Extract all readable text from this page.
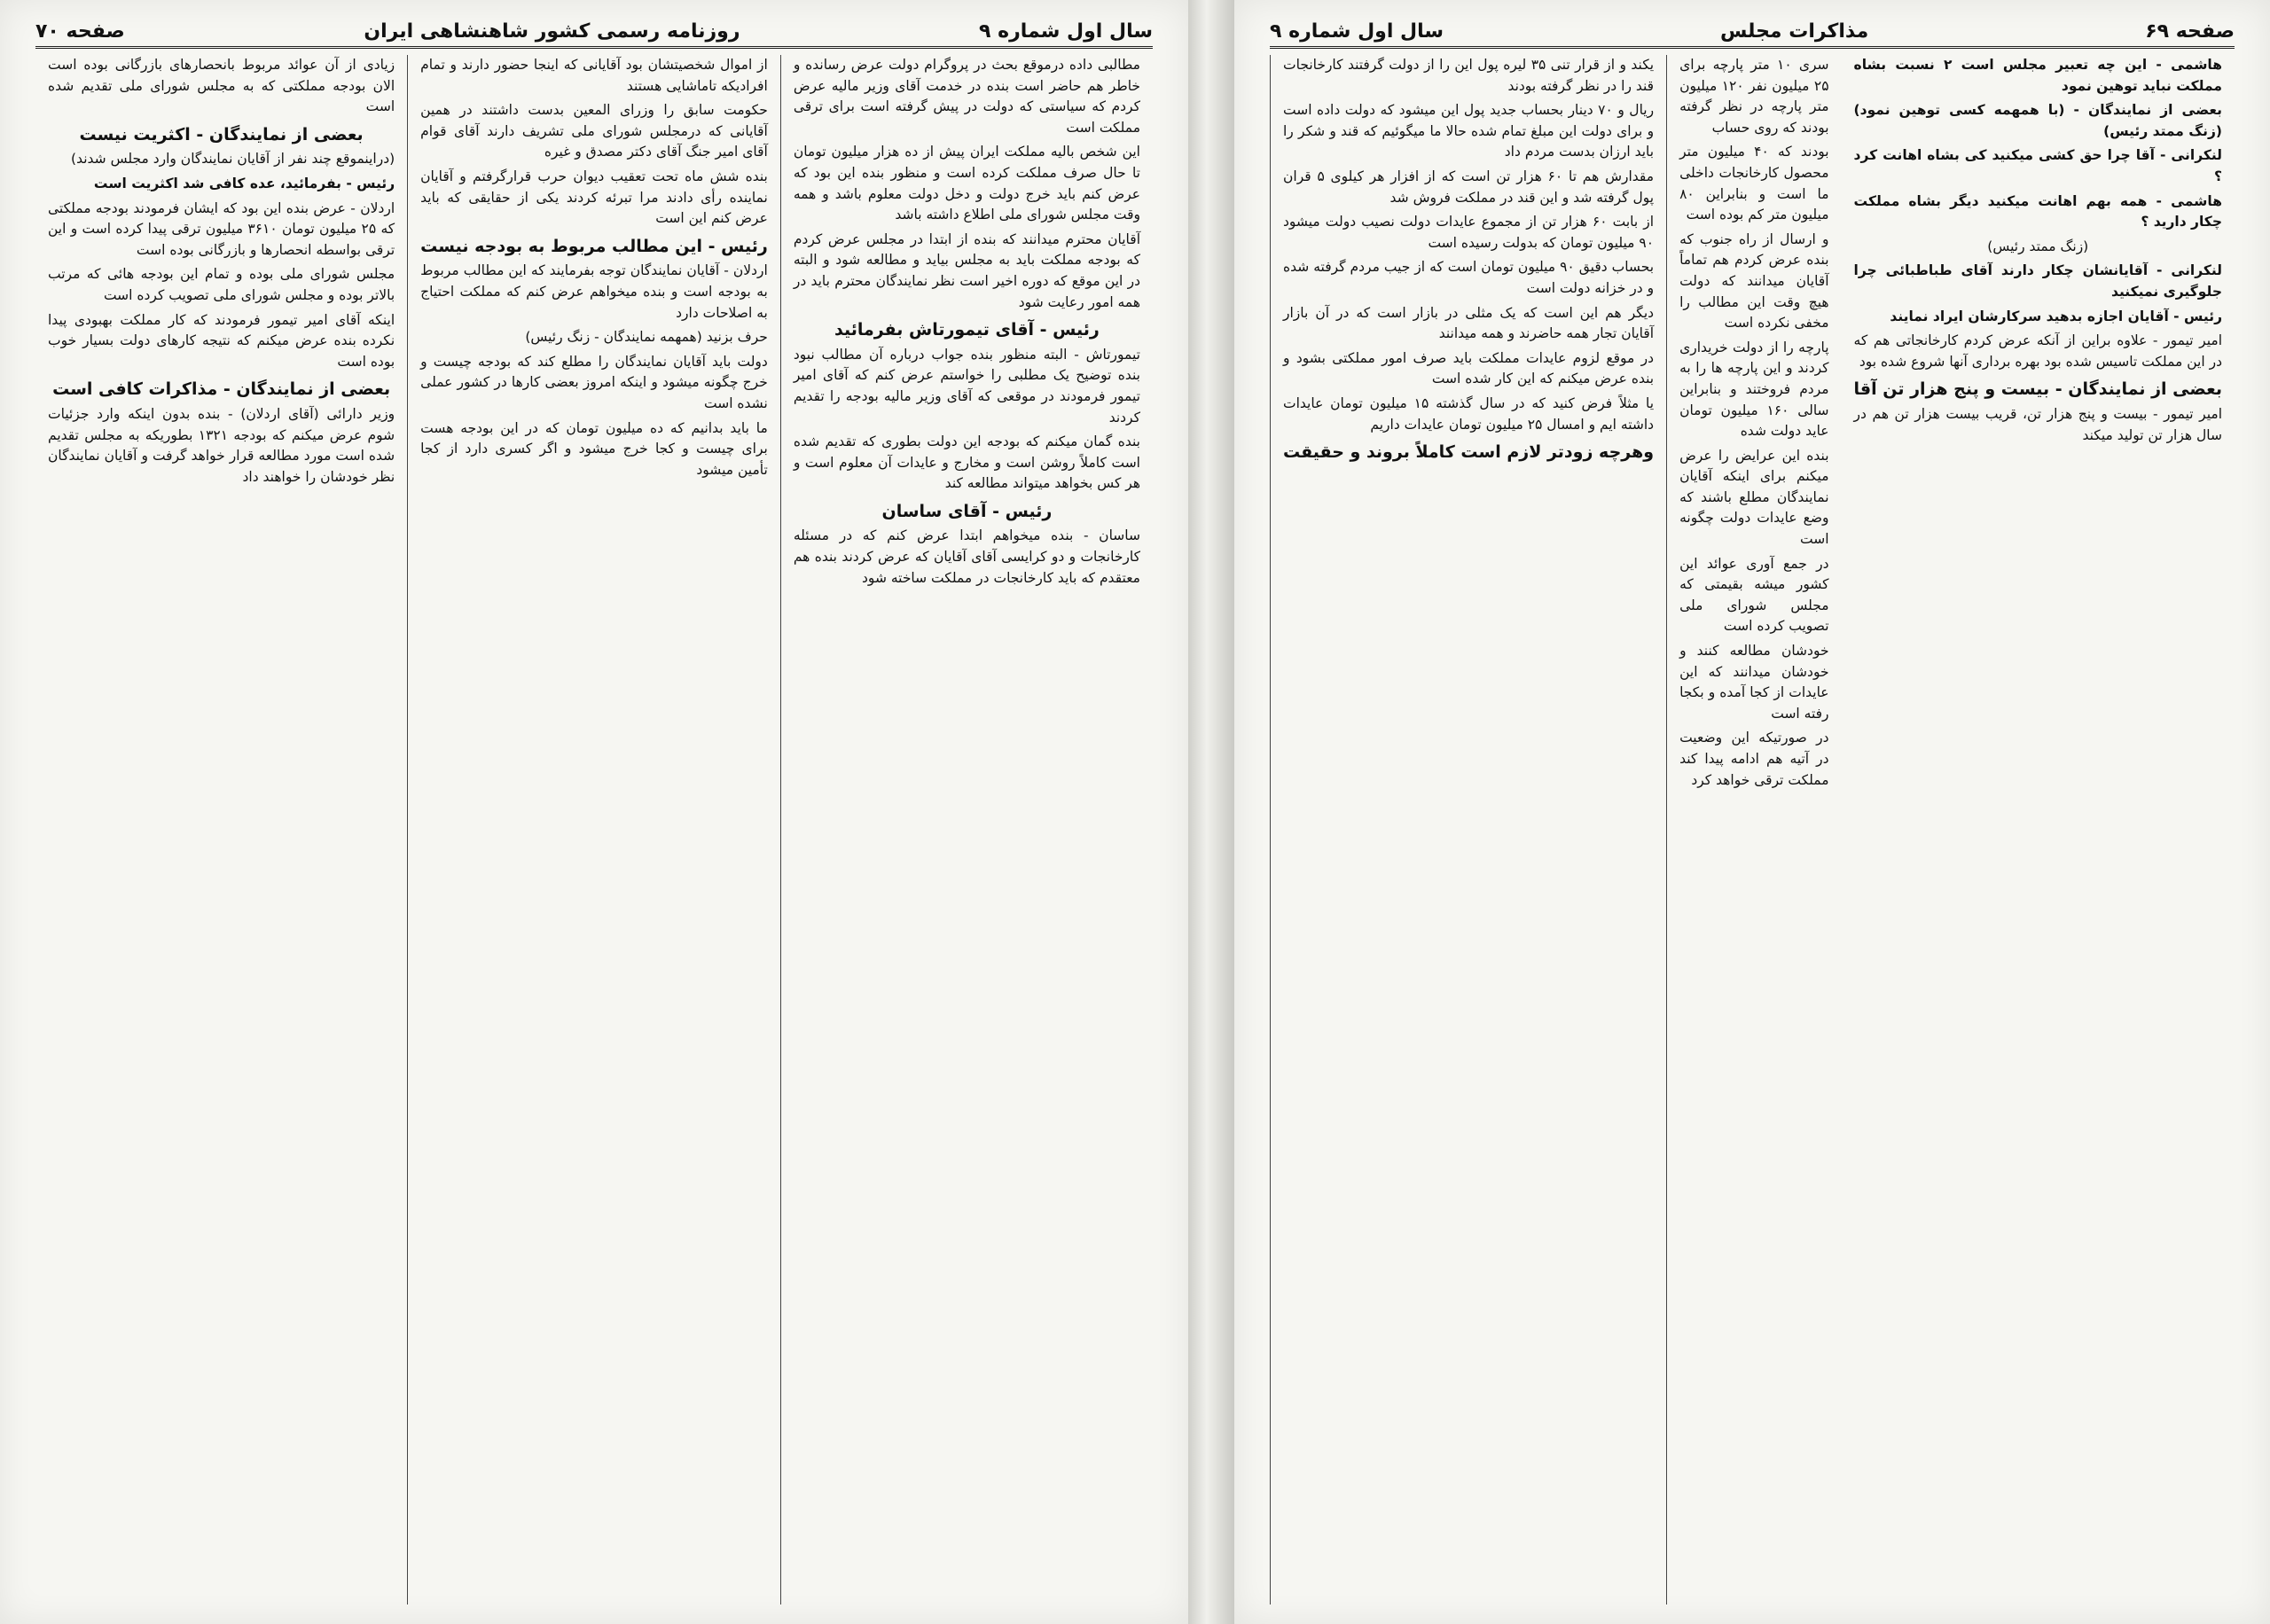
سال اول شماره ۹
روزنامه رسمی کشور شاهنشاهی ایران
صفحه ۷۰

مطالبی داده درموقع بحث در پروگرام دولت عرض رسانده و خاطر هم حاضر است بنده در خدمت آقای وزیر مالیه عرض کردم که سیاستی که دولت در پیش گرفته است برای ترقی مملکت است

این شخص بالیه مملکت ایران پیش از ده هزار میلیون تومان تا حال صرف مملکت کرده است و منظور بنده این بود که عرض کنم باید خرج دولت و دخل دولت معلوم باشد و همه وقت مجلس شورای ملی اطلاع داشته باشد

آقایان محترم میدانند که بنده از ابتدا در مجلس عرض کردم که بودجه مملکت باید به مجلس بیاید و مطالعه شود و البته در این موقع که دوره اخیر است نظر نمایندگان محترم باید در همه امور رعایت شود

رئیس - آقای تیمورتاش بفرمائید

تیمورتاش - البته منظور بنده جواب درباره آن مطالب نبود بنده توضیح یک مطلبی را خواستم عرض کنم که آقای امیر تیمور فرمودند در موقعی که آقای وزیر مالیه بودجه را تقدیم کردند

بنده گمان میکنم که بودجه این دولت بطوری که تقدیم شده است کاملاً روشن است و مخارج و عایدات آن معلوم است و هر کس بخواهد میتواند مطالعه کند

رئیس - آقای ساسان

ساسان - بنده میخواهم ابتدا عرض کنم که در مسئله کارخانجات و دو کرایسی آقای آقایان که عرض کردند بنده هم معتقدم که باید کارخانجات در مملکت ساخته شود

از اموال شخصیتشان بود آقایانی که اینجا حضور دارند و تمام افرادیکه تاماشایی هستند

حکومت سابق را وزرای المعین بدست داشتند در همین آقایانی که درمجلس شورای ملی تشریف دارند آقای قوام آقای امیر جنگ آقای دکتر مصدق و غیره

بنده شش ماه تحت تعقیب دیوان حرب قرارگرفتم و آقایان نماینده رأی دادند مرا تبرئه کردند یکی از حقایقی که باید عرض کنم این است

رئیس - این مطالب مربوط به بودجه نیست

اردلان - آقایان نمایندگان توجه بفرمایند که این مطالب مربوط به بودجه است و بنده میخواهم عرض کنم که مملکت احتیاج به اصلاحات دارد

حرف بزنید (همهمه نمایندگان - زنگ رئیس)

دولت باید آقایان نمایندگان را مطلع کند که بودجه چیست و خرج چگونه میشود و اینکه امروز بعضی کارها در کشور عملی نشده است

ما باید بدانیم که ده میلیون تومان که در این بودجه هست برای چیست و کجا خرج میشود و اگر کسری دارد از کجا تأمین میشود

زیادی از آن عوائد مربوط بانحصارهای بازرگانی بوده است الان بودجه مملکتی که به مجلس شورای ملی تقدیم شده است

بعضی از نمایندگان - اکثریت نیست

(دراینموقع چند نفر از آقایان نمایندگان وارد مجلس شدند)

رئیس - بفرمائید، عده کافی شد اکثریت است

اردلان - عرض بنده این بود که ایشان فرمودند بودجه مملکتی که ۲۵ میلیون تومان ۳۶۱۰ میلیون ترقی پیدا کرده است و این ترقی بواسطه انحصارها و بازرگانی بوده است

مجلس شورای ملی بوده و تمام این بودجه هائی که مرتب بالاتر بوده و مجلس شورای ملی تصویب کرده است

اینکه آقای امیر تیمور فرمودند که کار مملکت بهبودی پیدا نکرده بنده عرض میکنم که نتیجه کارهای دولت بسیار خوب بوده است

بعضی از نمایندگان - مذاکرات کافی است

وزیر دارائی (آقای اردلان) - بنده بدون اینکه وارد جزئیات شوم عرض میکنم که بودجه ۱۳۲۱ بطوریکه به مجلس تقدیم شده است مورد مطالعه قرار خواهد گرفت و آقایان نمایندگان نظر خودشان را خواهند داد

صفحه ۶۹
مذاکرات مجلس
سال اول شماره ۹

یکند و از قرار تنی ۳۵ لیره پول این را از دولت گرفتند کارخانجات قند را در نظر گرفته بودند

ریال و ۷۰ دینار بحساب جدید پول این میشود که دولت داده است و برای دولت این مبلغ تمام شده حالا ما میگوئیم که قند و شکر را باید ارزان بدست مردم داد

مقدارش هم تا ۶۰ هزار تن است که از افزار هر کیلوی ۵ قران پول گرفته شد و این قند در مملکت فروش شد

از بابت ۶۰ هزار تن از مجموع عایدات دولت نصیب دولت میشود ۹۰ میلیون تومان که بدولت رسیده است

بحساب دقیق ۹۰ میلیون تومان است که از جیب مردم گرفته شده و در خزانه دولت است

دیگر هم این است که یک مثلی در بازار است که در آن بازار آقایان تجار همه حاضرند و همه میدانند

در موقع لزوم عایدات مملکت باید صرف امور مملکتی بشود و بنده عرض میکنم که این کار شده است

یا مثلاً فرض کنید که در سال گذشته ۱۵ میلیون تومان عایدات داشته ایم و امسال ۲۵ میلیون تومان عایدات داریم

وهرچه زودتر لازم است کاملاً بروند و حقیقت

سری ۱۰ متر پارچه برای ۲۵ میلیون نفر ۱۲۰ میلیون متر پارچه در نظر گرفته بودند که روی حساب

بودند که ۴۰ میلیون متر محصول کارخانجات داخلی ما است و بنابراین ۸۰ میلیون متر کم بوده است

و ارسال از راه جنوب که بنده عرض کردم هم تماماً آقایان میدانند که دولت هیچ وقت این مطالب را مخفی نکرده است

پارچه را از دولت خریداری کردند و این پارچه ها را به مردم فروختند و بنابراین سالی ۱۶۰ میلیون تومان عاید دولت شده

بنده این عرایض را عرض میکنم برای اینکه آقایان نمایندگان مطلع باشند که وضع عایدات دولت چگونه است

در جمع آوری عوائد این کشور میشه بقیمتی که مجلس شورای ملی تصویب کرده است

خودشان مطالعه کنند و خودشان میدانند که این عایدات از کجا آمده و بکجا رفته است

در صورتیکه این وضعیت در آتیه هم ادامه پیدا کند مملکت ترقی خواهد کرد

هاشمی - این چه تعبیر مجلس است ۲ نسبت بشاه مملکت نباید توهین نمود

بعضی از نمایندگان - (با همهمه کسی توهین نمود) (زنگ ممتد رئیس)

لنکرانی - آقا چرا حق کشی میکنید کی بشاه اهانت کرد ؟

هاشمی - همه بهم اهانت میکنید دیگر بشاه مملکت چکار دارید ؟

(زنگ ممتد رئیس)

لنکرانی - آقایانشان چکار دارند آقای طباطبائی چرا جلوگیری نمیکنید

رئیس - آقایان اجازه بدهید سرکارشان ایراد نمایند

امیر تیمور - علاوه براین از آنکه عرض کردم کارخانجاتی هم که در این مملکت تاسیس شده بود بهره برداری آنها شروع شده بود

بعضی از نمایندگان - بیست و پنج هزار تن آقا

امیر تیمور - بیست و پنج هزار تن، قریب بیست هزار تن هم در سال هزار تن تولید میکند
